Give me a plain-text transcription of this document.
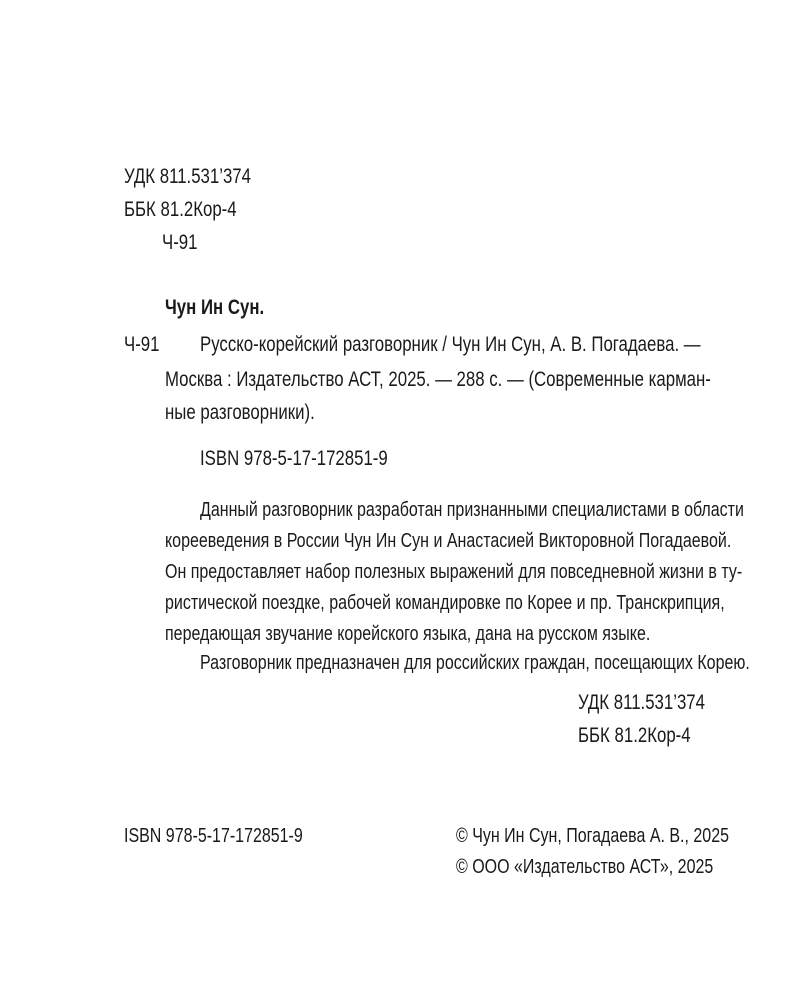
УДК 811.531’374
ББК 81.2Кор-4
Ч-91
Чун Ин Сун.
Ч-91 Русско-корейский разговорник / Чун Ин Сун, А. В. Погадаева. —
Москва : Издательство АСТ, 2025. — 288 с. — (Современные карман-
ные разговорники).
ISBN 978-5-17-172851-9
Данный разговорник разработан признанными специалистами в области
корееведения в России Чун Ин Сун и Анастасией Викторовной Погадаевой.
Он предоставляет набор полезных выражений для повседневной жизни в ту-
ристической поездке, рабочей командировке по Корее и пр. Транскрипция,
передающая звучание корейского языка, дана на русском языке.
Разговорник предназначен для российских граждан, посещающих Корею.
УДК 811.531’374
ББК 81.2Кор-4
ISBN 978-5-17-172851-9	© Чун Ин Сун, Погадаева А. В., 2025
© ООО «Издательство АСТ», 2025
